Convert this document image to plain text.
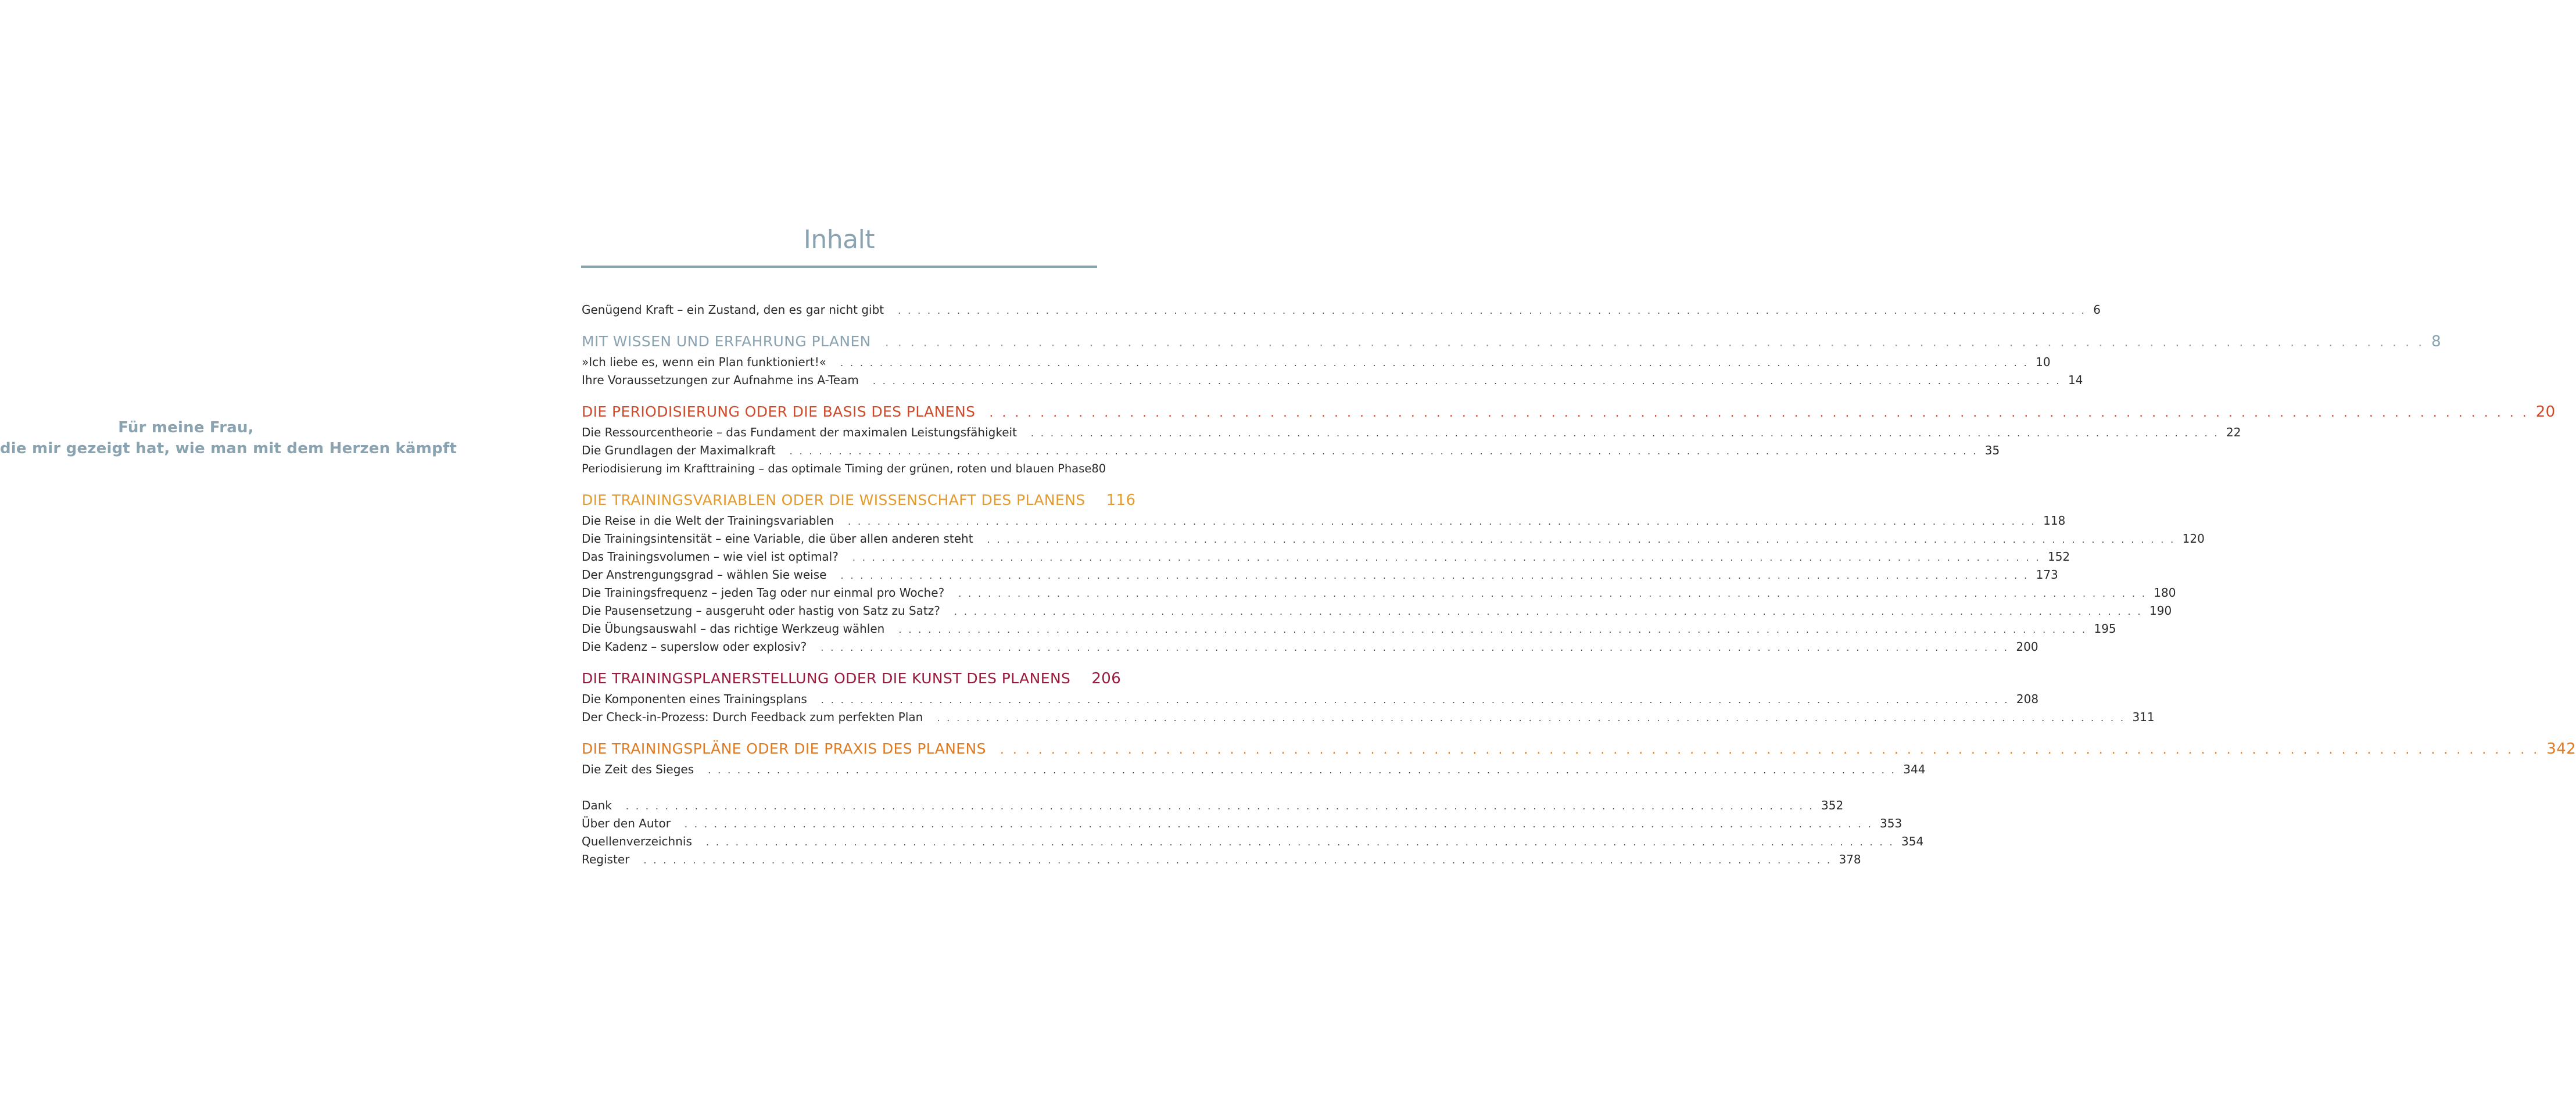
Für meine Frau,
die mir gezeigt hat, wie man mit dem Herzen kämpft
Inhalt
Genügend Kraft – ein Zustand, den es gar nicht gibt . . .	6
MIT WISSEN UND ERFAHRUNG PLANEN . . .	8
»Ich liebe es, wenn ein Plan funktioniert!« . . .	10
Ihre Voraussetzungen zur Aufnahme ins A-Team . . .	14
DIE PERIODISIERUNG ODER DIE BASIS DES PLANENS . . .	20
Die Ressourcentheorie – das Fundament der maximalen Leistungsfähigkeit . . .	22
Die Grundlagen der Maximalkraft . . .	35
Periodisierung im Krafttraining – das optimale Timing der grünen, roten und blauen Phase 80
DIE TRAININGSVARIABLEN ODER DIE WISSENSCHAFT DES PLANENS 116
Die Reise in die Welt der Trainingsvariablen . . .	118
Die Trainingsintensität – eine Variable, die über allen anderen steht . . .	120
Das Trainingsvolumen – wie viel ist optimal? . . .	152
Der Anstrengungsgrad – wählen Sie weise . . .	173
Die Trainingsfrequenz – jeden Tag oder nur einmal pro Woche? . . .	180
Die Pausensetzung – ausgeruht oder hastig von Satz zu Satz? . . .	190
Die Übungsauswahl – das richtige Werkzeug wählen . . .	195
Die Kadenz – superslow oder explosiv? . . .	200
DIE TRAININGSPLANERSTELLUNG ODER DIE KUNST DES PLANENS 206
Die Komponenten eines Trainingsplans . . .	208
Der Check-in-Prozess: Durch Feedback zum perfekten Plan . . .	311
DIE TRAININGSPLÄNE ODER DIE PRAXIS DES PLANENS . . .	342
Die Zeit des Sieges . . .	344
Dank . . .	352
Über den Autor . . .	353
Quellenverzeichnis . . .	354
Register . . .	378
